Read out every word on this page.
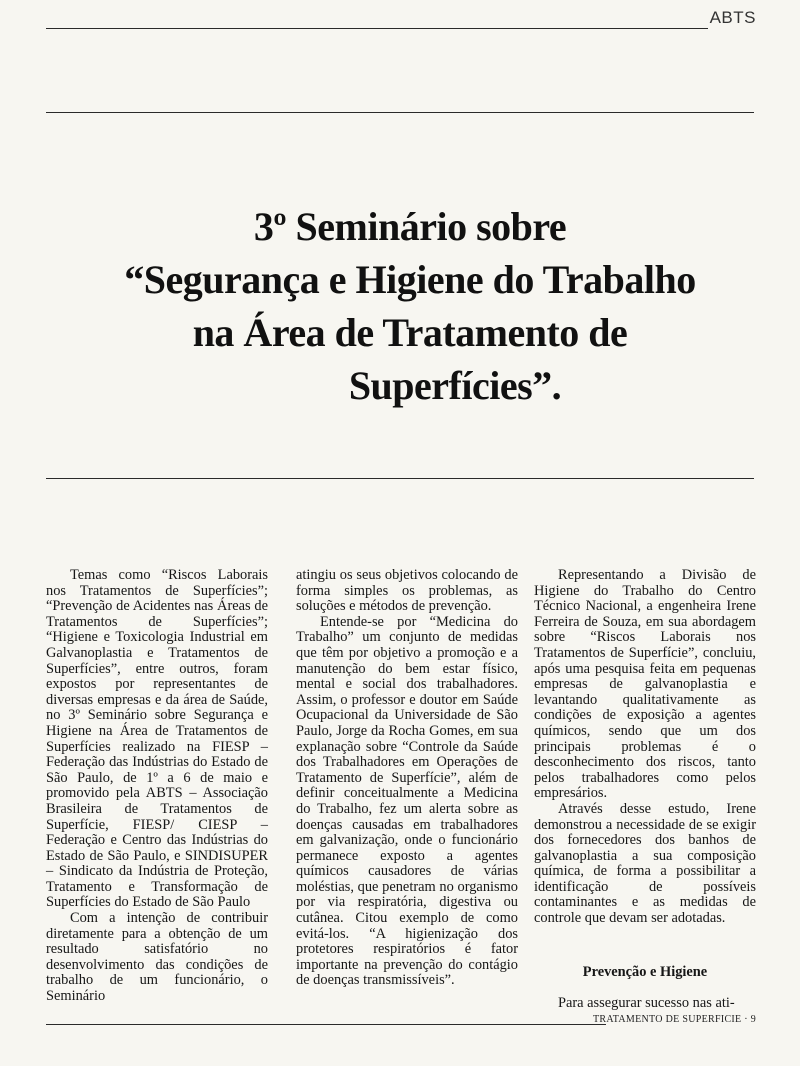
ABTS
3º Seminário sobre
“Segurança e Higiene do Trabalho
na Área de Tratamento de
Superfícies”.

Temas como “Riscos Laborais nos Tratamentos de Superfícies”; “Prevenção de Acidentes nas Áreas de Tratamentos de Superfícies”; “Higiene e Toxicologia Industrial em Galvanoplastia e Tratamentos de Superfícies”, entre outros, foram expostos por representantes de diversas empresas e da área de Saúde, no 3º Seminário sobre Segurança e Higiene na Área de Tratamentos de Superfícies realizado na FIESP – Federação das Indústrias do Estado de São Paulo, de 1º a 6 de maio e promovido pela ABTS – Associação Brasileira de Tratamentos de Superfície, FIESP/ CIESP – Federação e Centro das Indústrias do Estado de São Paulo, e SINDISUPER – Sindicato da Indústria de Proteção, Tratamento e Transformação de Superfícies do Estado de São Paulo

Com a intenção de contribuir diretamente para a obtenção de um resultado satisfatório no desenvolvimento das condições de trabalho de um funcionário, o Seminário

atingiu os seus objetivos colocando de forma simples os problemas, as soluções e métodos de prevenção.

Entende-se por “Medicina do Trabalho” um conjunto de medidas que têm por objetivo a promoção e a manutenção do bem estar físico, mental e social dos trabalhadores. Assim, o professor e doutor em Saúde Ocupacional da Universidade de São Paulo, Jorge da Rocha Gomes, em sua explanação sobre “Controle da Saúde dos Trabalhadores em Operações de Tratamento de Superfície”, além de definir conceitualmente a Medicina do Trabalho, fez um alerta sobre as doenças causadas em trabalhadores em galvanização, onde o funcionário permanece exposto a agentes químicos causadores de várias moléstias, que penetram no organismo por via respiratória, digestiva ou cutânea. Citou exemplo de como evitá-los. “A higienização dos protetores respiratórios é fator importante na prevenção do contágio de doenças transmissíveis”.

Representando a Divisão de Higiene do Trabalho do Centro Técnico Nacional, a engenheira Irene Ferreira de Souza, em sua abordagem sobre “Riscos Laborais nos Tratamentos de Superfície”, concluiu, após uma pesquisa feita em pequenas empresas de galvanoplastia e levantando qualitativamente as condições de exposição a agentes químicos, sendo que um dos principais problemas é o desconhecimento dos riscos, tanto pelos trabalhadores como pelos empresários.

Através desse estudo, Irene demonstrou a necessidade de se exigir dos fornecedores dos banhos de galvanoplastia a sua composição química, de forma a possibilitar a identificação de possíveis contaminantes e as medidas de controle que devam ser adotadas.

Prevenção e Higiene

Para assegurar sucesso nas ati-

TRATAMENTO DE SUPERFICIE · 9
